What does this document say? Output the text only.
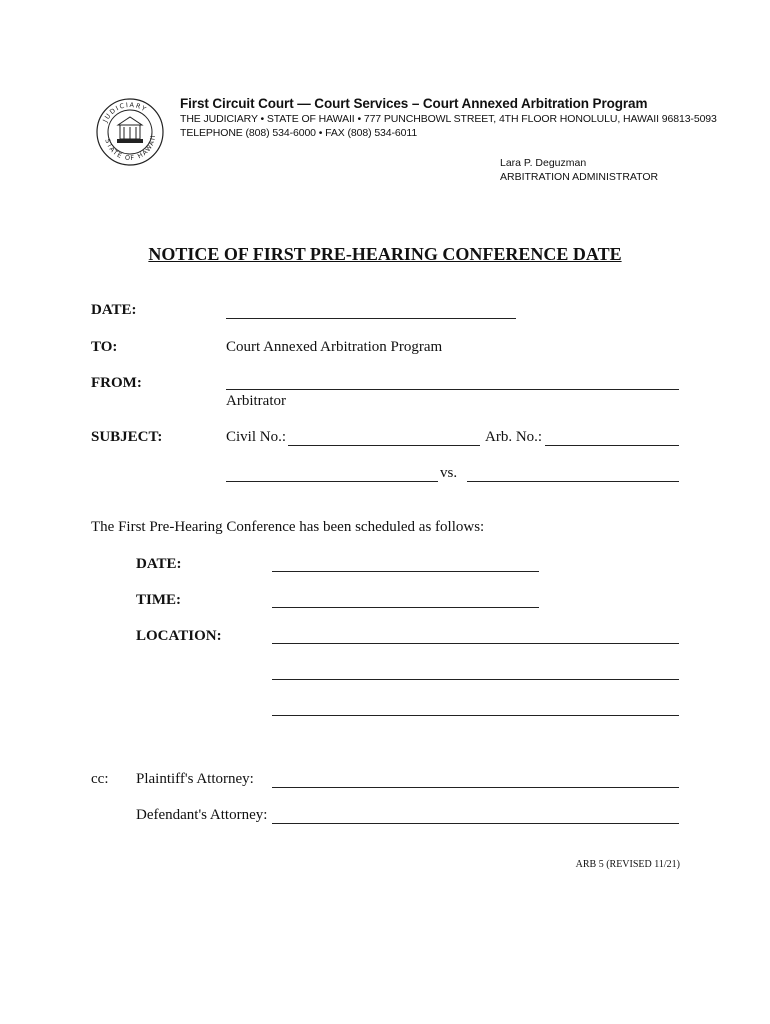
JUDICIARY
STATE OF HAWAII
First Circuit Court — Court Services – Court Annexed Arbitration Program
THE JUDICIARY • STATE OF HAWAII • 777 PUNCHBOWL STREET, 4TH FLOOR HONOLULU, HAWAII 96813-5093
TELEPHONE (808) 534-6000 • FAX (808) 534-6011
Lara P. Deguzman
ARBITRATION ADMINISTRATOR
NOTICE OF FIRST PRE-HEARING CONFERENCE DATE
DATE:
TO:	Court Annexed Arbitration Program
FROM:
Arbitrator
SUBJECT:	Civil No.:	Arb. No.:
vs.
The First Pre-Hearing Conference has been scheduled as follows:
DATE:
TIME:
LOCATION:
cc: Plaintiff's Attorney:
Defendant's Attorney:
ARB 5 (REVISED 11/21)
